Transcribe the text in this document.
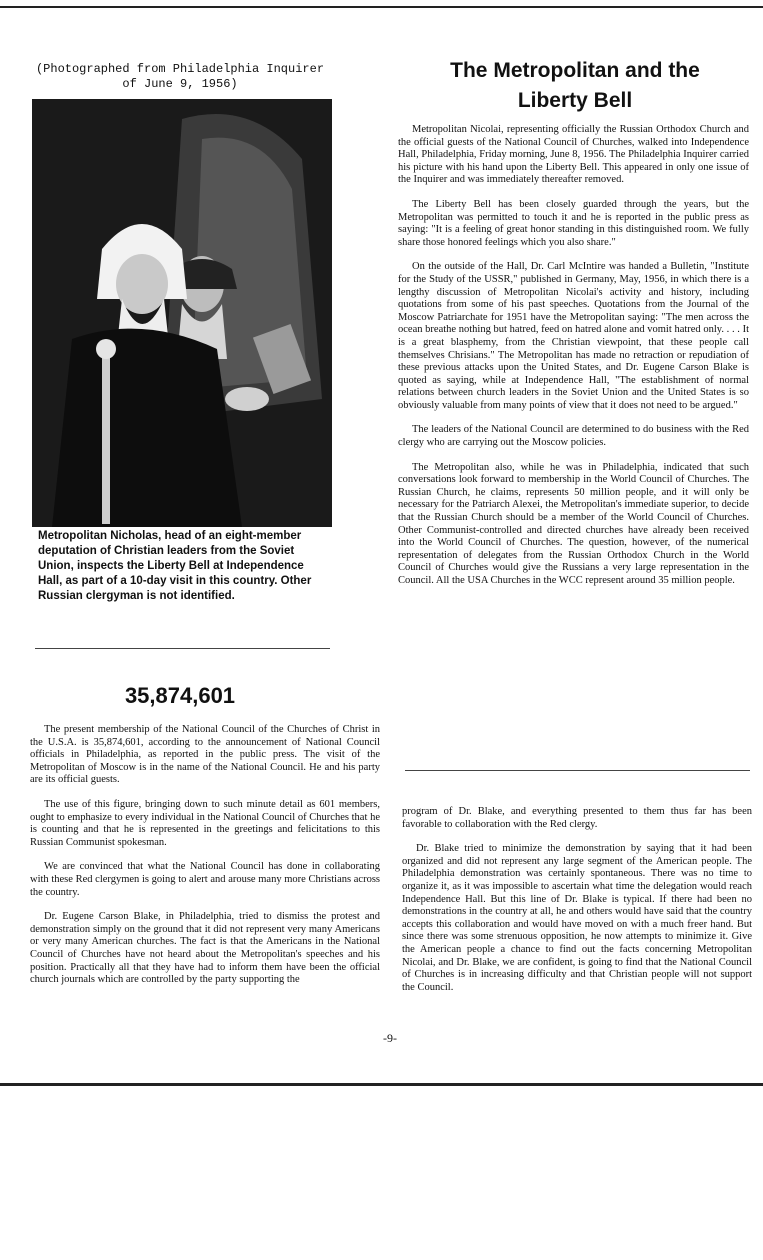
(Photographed from Philadelphia Inquirer
of June 9, 1956)

Metropolitan Nicholas, head of an eight-member deputation of Christian leaders from the Soviet Union, inspects the Liberty Bell at Independence Hall, as part of a 10-day visit in this country. Other Russian clergyman is not identified.

35,874,601

The present membership of the National Council of the Churches of Christ in the U.S.A. is 35,874,601, according to the announcement of National Council officials in Philadelphia, as reported in the public press. The visit of the Metropolitan of Moscow is in the name of the National Council. He and his party are its official guests.

The use of this figure, bringing down to such minute detail as 601 members, ought to emphasize to every individual in the National Council of Churches that he is counting and that he is represented in the greetings and felicitations to this Russian Communist spokesman.

We are convinced that what the National Council has done in collaborating with these Red clergymen is going to alert and arouse many more Christians across the country.

Dr. Eugene Carson Blake, in Philadelphia, tried to dismiss the protest and demonstration simply on the ground that it did not represent very many Americans or very many American churches. The fact is that the Americans in the National Council of Churches have not heard about the Metropolitan's speeches and his position. Practically all that they have had to inform them have been the official church journals which are controlled by the party supporting the

The Metropolitan and the
Liberty Bell

Metropolitan Nicolai, representing officially the Russian Orthodox Church and the official guests of the National Council of Churches, walked into Independence Hall, Philadelphia, Friday morning, June 8, 1956. The Philadelphia Inquirer carried his picture with his hand upon the Liberty Bell. This appeared in only one issue of the Inquirer and was immediately thereafter removed.

The Liberty Bell has been closely guarded through the years, but the Metropolitan was permitted to touch it and he is reported in the public press as saying: "It is a feeling of great honor standing in this distinguished room. We fully share those honored feelings which you also share."

On the outside of the Hall, Dr. Carl McIntire was handed a Bulletin, "Institute for the Study of the USSR," published in Germany, May, 1956, in which there is a lengthy discussion of Metropolitan Nicolai's activity and history, including quotations from some of his past speeches. Quotations from the Journal of the Moscow Patriarchate for 1951 have the Metropolitan saying: "The men across the ocean breathe nothing but hatred, feed on hatred alone and vomit hatred only. . . . It is a great blasphemy, from the Christian viewpoint, that these people call themselves Chrisians." The Metropolitan has made no retraction or repudiation of these previous attacks upon the United States, and Dr. Eugene Carson Blake is quoted as saying, while at Independence Hall, "The establishment of normal relations between church leaders in the Soviet Union and the United States is so obviously valuable from many points of view that it does not need to be argued."

The leaders of the National Council are determined to do business with the Red clergy who are carrying out the Moscow policies.

The Metropolitan also, while he was in Philadelphia, indicated that such conversations look forward to membership in the World Council of Churches. The Russian Church, he claims, represents 50 million people, and it will only be necessary for the Patriarch Alexei, the Metropolitan's immediate superior, to decide that the Russian Church should be a member of the World Council of Churches. Other Communist-controlled and directed churches have already been received into the World Council of Churches. The question, however, of the numerical representation of delegates from the Russian Orthodox Church in the World Council of Churches would give the Russians a very large representation in the Council. All the USA Churches in the WCC represent around 35 million people.

program of Dr. Blake, and everything presented to them thus far has been favorable to collaboration with the Red clergy.

Dr. Blake tried to minimize the demonstration by saying that it had been organized and did not represent any large segment of the American people. The Philadelphia demonstration was certainly spontaneous. There was no time to organize it, as it was impossible to ascertain what time the delegation would reach Independence Hall. But this line of Dr. Blake is typical. If there had been no demonstrations in the country at all, he and others would have said that the country accepts this collaboration and would have moved on with a much freer hand. But since there was some strenuous opposition, he now attempts to minimize it. Give the American people a chance to find out the facts concerning Metropolitan Nicolai, and Dr. Blake, we are confident, is going to find that the National Council of Churches is in increasing difficulty and that Christian people will not support the Council.

-9-
